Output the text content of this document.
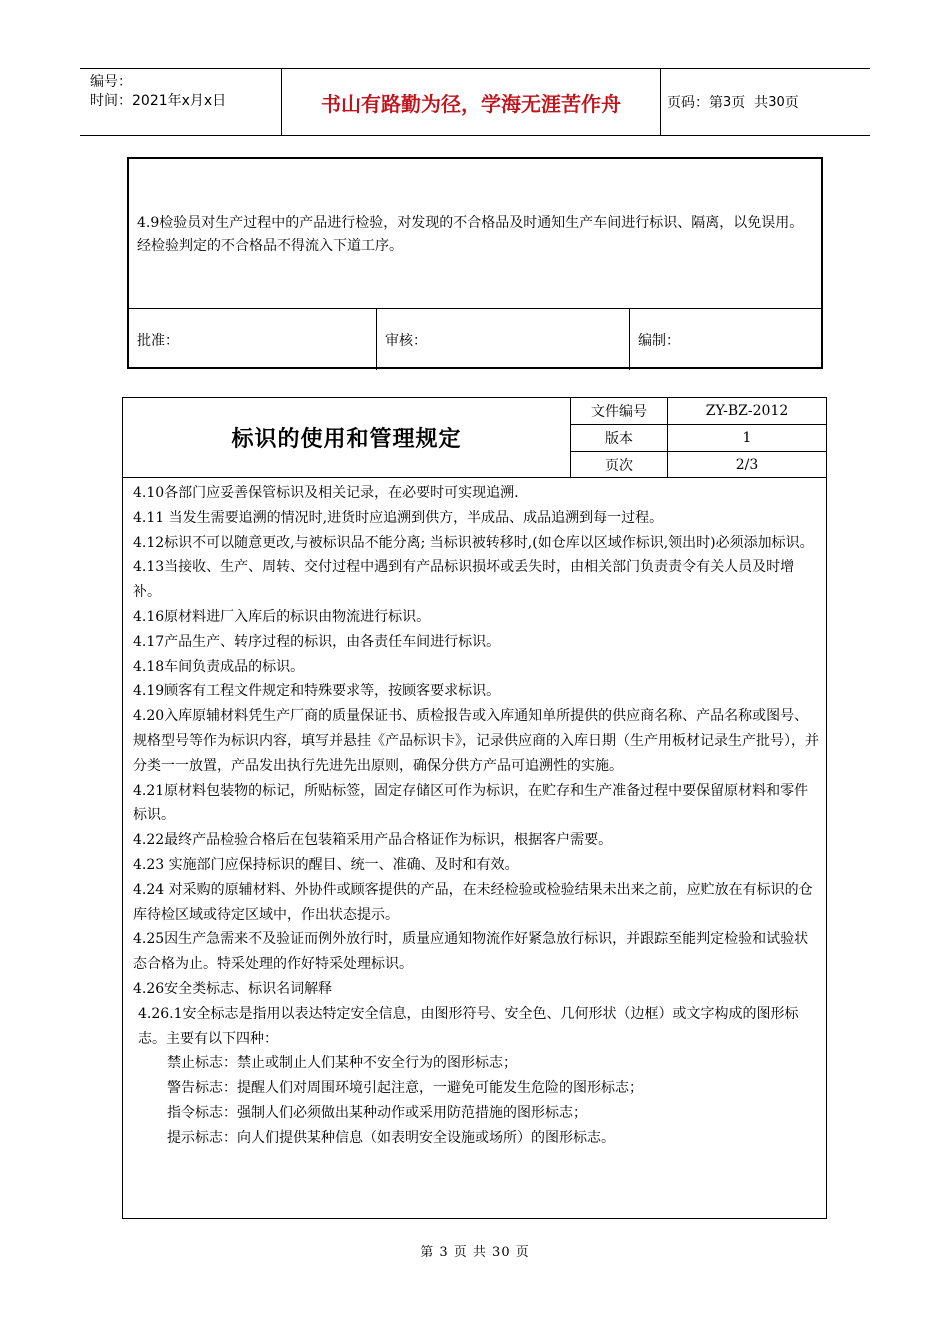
编号：
时间：2021年x月x日	书山有路勤为径，学海无涯苦作舟	页码：第 3 页  共 30 页
4.9检验员对生产过程中的产品进行检验，对发现的不合格品及时通知生产车间进行标识、隔离，以免误用。经检验判定的不合格品不得流入下道工序。
批准：	审核：	编制：
标识的使用和管理规定
文件编号	ZY-BZ-2012
版本	1
页次	2/3

4.10各部门应妥善保管标识及相关记录，在必要时可实现追溯.

4.11 当发生需要追溯的情况时,进货时应追溯到供方，半成品、成品追溯到每一过程。

4.12标识不可以随意更改,与被标识品不能分离; 当标识被转移时,(如仓库以区域作标识,领出时)必须添加标识。

4.13当接收、生产、周转、交付过程中遇到有产品标识损坏或丢失时，由相关部门负责责令有关人员及时增补。

4.16原材料进厂入库后的标识由物流进行标识。

4.17产品生产、转序过程的标识，由各责任车间进行标识。

4.18车间负责成品的标识。

4.19顾客有工程文件规定和特殊要求等，按顾客要求标识。

4.20入库原辅材料凭生产厂商的质量保证书、质检报告或入库通知单所提供的供应商名称、产品名称或图号、规格型号等作为标识内容，填写并悬挂《产品标识卡》，记录供应商的入库日期（生产用板材记录生产批号），并分类一一放置，产品发出执行先进先出原则，确保分供方产品可追溯性的实施。

4.21原材料包装物的标记，所贴标签，固定存储区可作为标识，在贮存和生产准备过程中要保留原材料和零件标识。

4.22最终产品检验合格后在包装箱采用产品合格证作为标识，根据客户需要。

4.23 实施部门应保持标识的醒目、统一、准确、及时和有效。

4.24 对采购的原辅材料、外协件或顾客提供的产品，在未经检验或检验结果未出来之前，应贮放在有标识的仓库待检区域或待定区域中，作出状态提示。

4.25因生产急需来不及验证而例外放行时，质量应通知物流作好紧急放行标识，并跟踪至能判定检验和试验状态合格为止。特采处理的作好特采处理标识。

4.26安全类标志、标识名词解释

4.26.1安全标志是指用以表达特定安全信息，由图形符号、安全色、几何形状（边框）或文字构成的图形标志。主要有以下四种：

禁止标志：禁止或制止人们某种不安全行为的图形标志；

警告标志：提醒人们对周围环境引起注意，一避免可能发生危险的图形标志；

指令标志：强制人们必须做出某种动作或采用防范措施的图形标志；

提示标志：向人们提供某种信息（如表明安全设施或场所）的图形标志。

第 3 页 共 30 页
